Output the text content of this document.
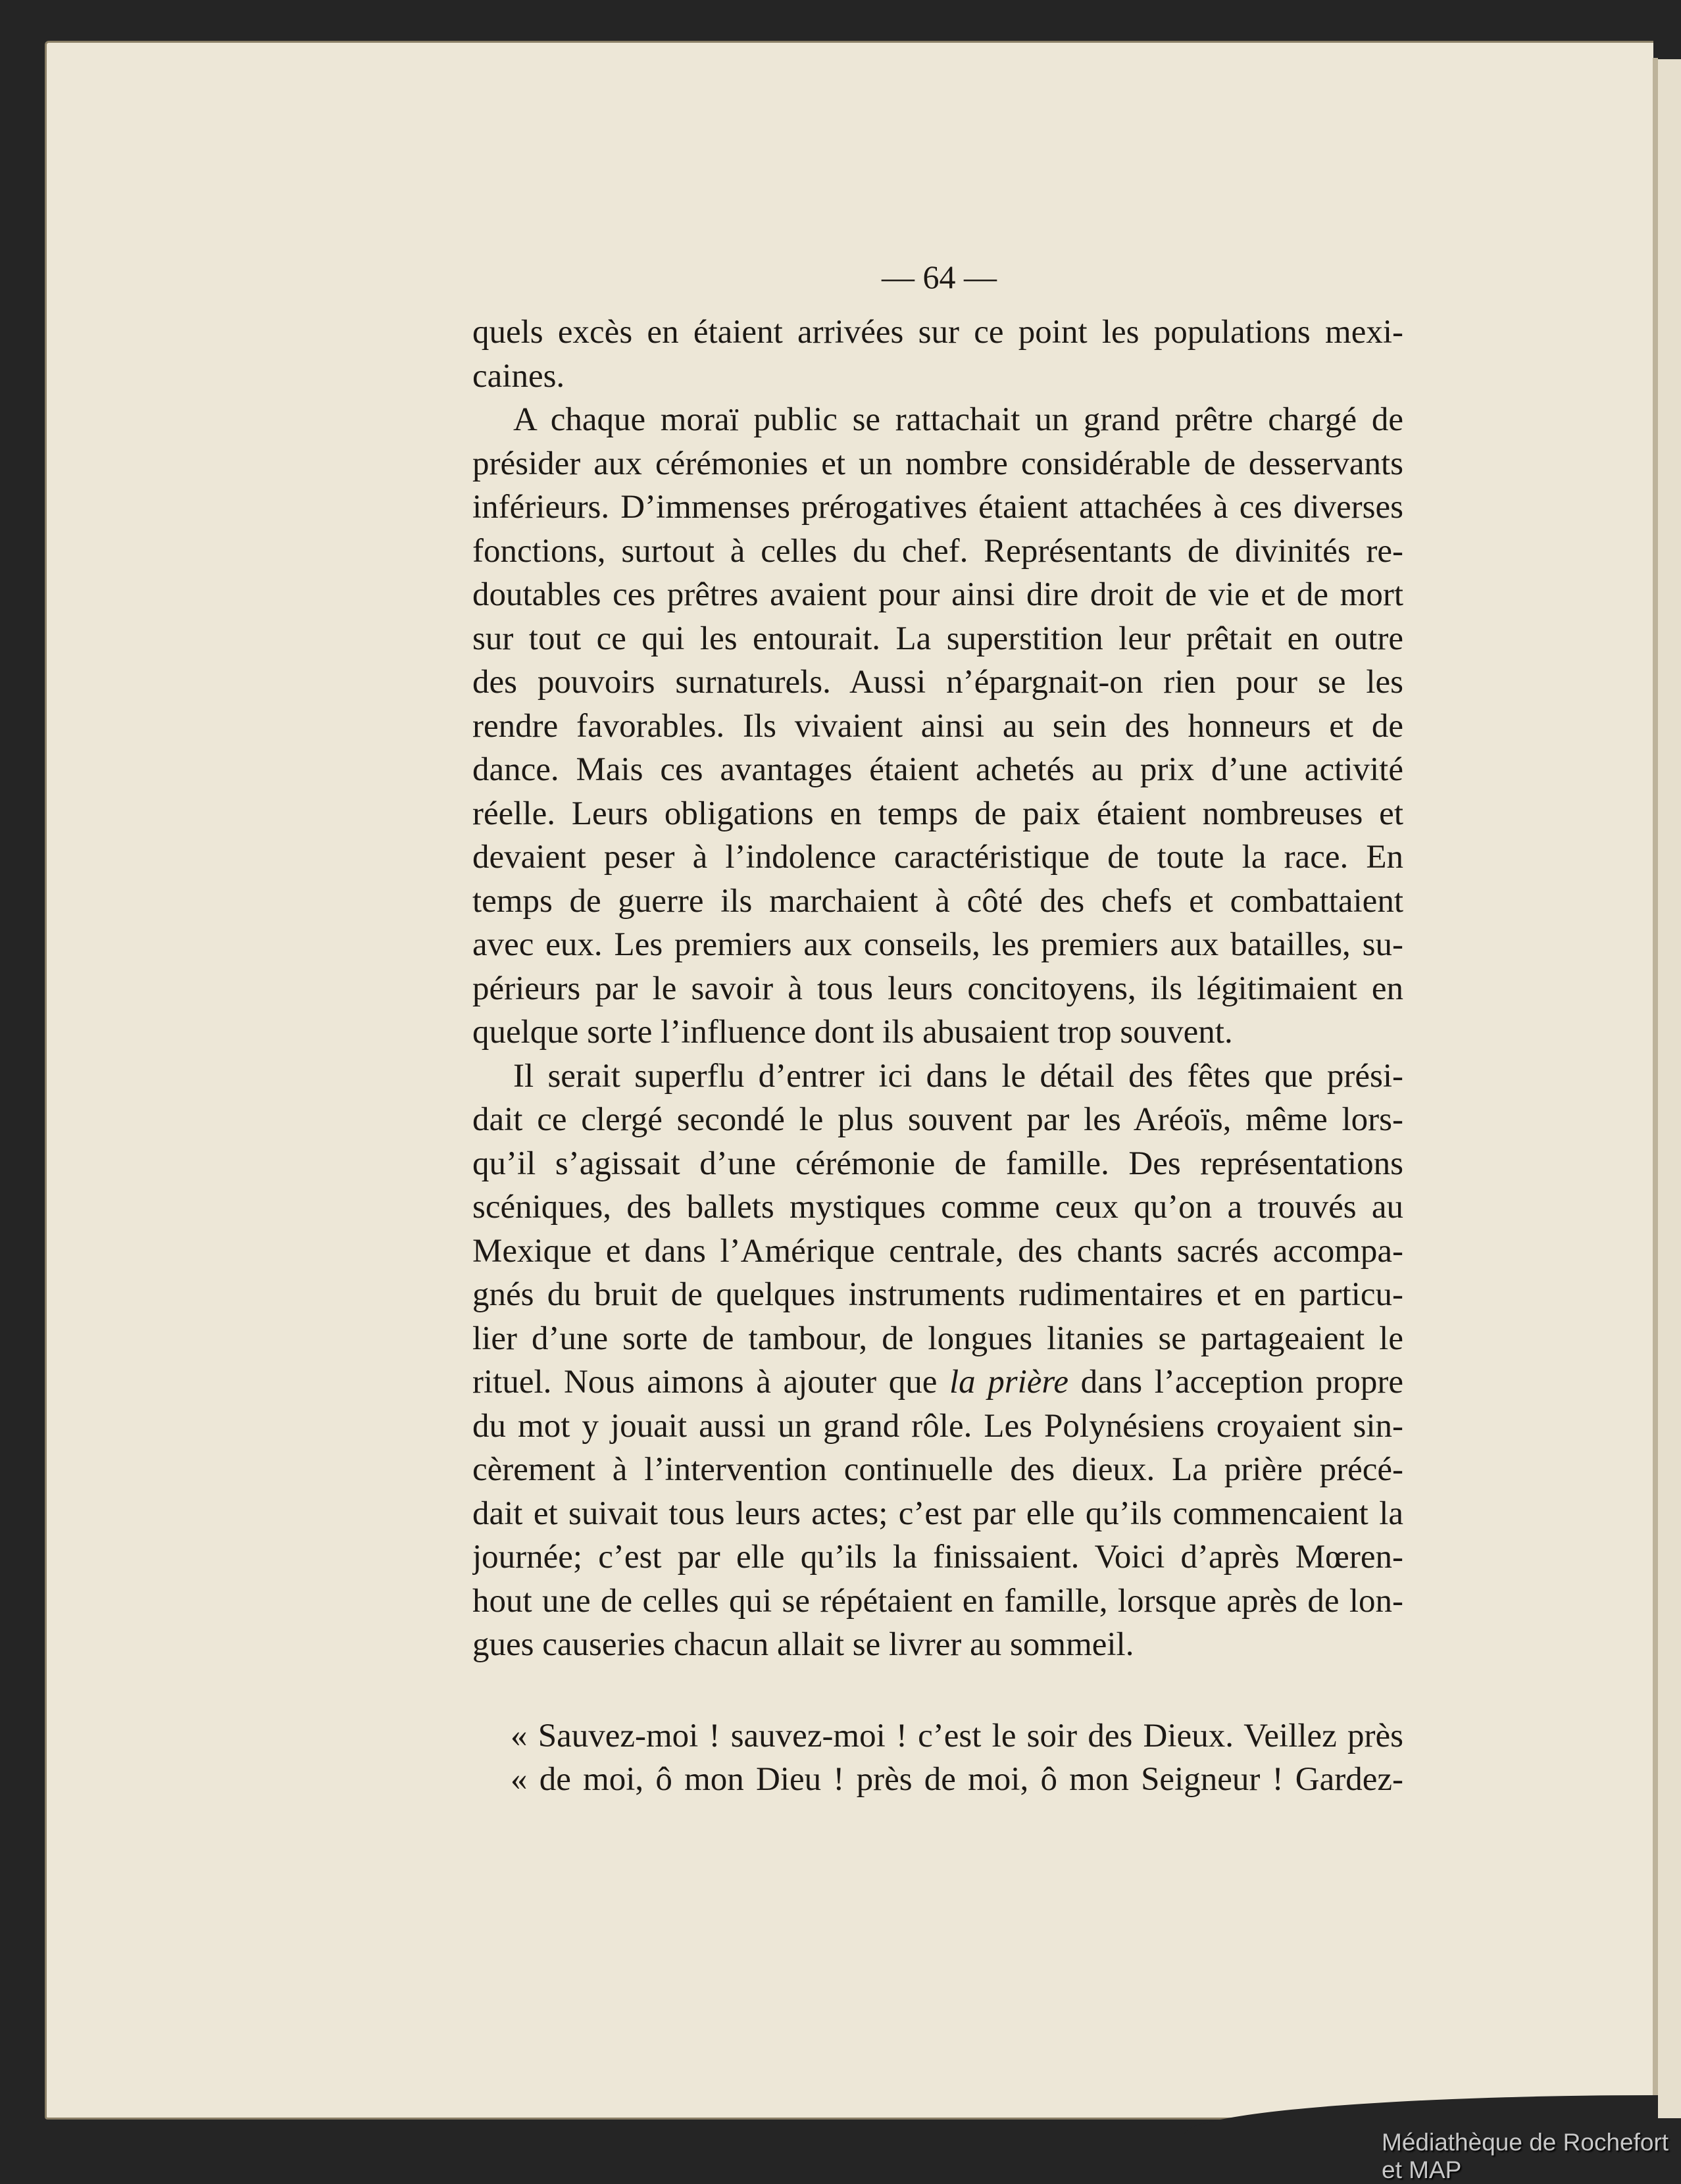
— 64 —
quels excès en étaient arrivées sur ce point les populations mexi-
caines.
A chaque moraï public se rattachait un grand prêtre chargé de
présider aux cérémonies et un nombre considérable de desservants
inférieurs. D’immenses prérogatives étaient attachées à ces diverses
fonctions, surtout à celles du chef. Représentants de divinités re-
doutables ces prêtres avaient pour ainsi dire droit de vie et de mort
sur tout ce qui les entourait. La superstition leur prêtait en outre
des pouvoirs surnaturels. Aussi n’épargnait-on rien pour se les
rendre favorables. Ils vivaient ainsi au sein des honneurs et de
dance. Mais ces avantages étaient achetés au prix d’une activité
réelle. Leurs obligations en temps de paix étaient nombreuses et
devaient peser à l’indolence caractéristique de toute la race. En
temps de guerre ils marchaient à côté des chefs et combattaient
avec eux. Les premiers aux conseils, les premiers aux batailles, su-
périeurs par le savoir à tous leurs concitoyens, ils légitimaient en
quelque sorte l’influence dont ils abusaient trop souvent.
Il serait superflu d’entrer ici dans le détail des fêtes que prési-
dait ce clergé secondé le plus souvent par les Aréoïs, même lors-
qu’il s’agissait d’une cérémonie de famille. Des représentations
scéniques, des ballets mystiques comme ceux qu’on a trouvés au
Mexique et dans l’Amérique centrale, des chants sacrés accompa-
gnés du bruit de quelques instruments rudimentaires et en particu-
lier d’une sorte de tambour, de longues litanies se partageaient le
rituel. Nous aimons à ajouter que la prière dans l’acception propre
du mot y jouait aussi un grand rôle. Les Polynésiens croyaient sin-
cèrement à l’intervention continuelle des dieux. La prière précé-
dait et suivait tous leurs actes; c’est par elle qu’ils commencaient la
journée; c’est par elle qu’ils la finissaient. Voici d’après Mœren-
hout une de celles qui se répétaient en famille, lorsque après de lon-
gues causeries chacun allait se livrer au sommeil.
« Sauvez-moi ! sauvez-moi ! c’est le soir des Dieux. Veillez près
« de moi, ô mon Dieu ! près de moi, ô mon Seigneur ! Gardez-
Médiathèque de Rochefort et MAP
